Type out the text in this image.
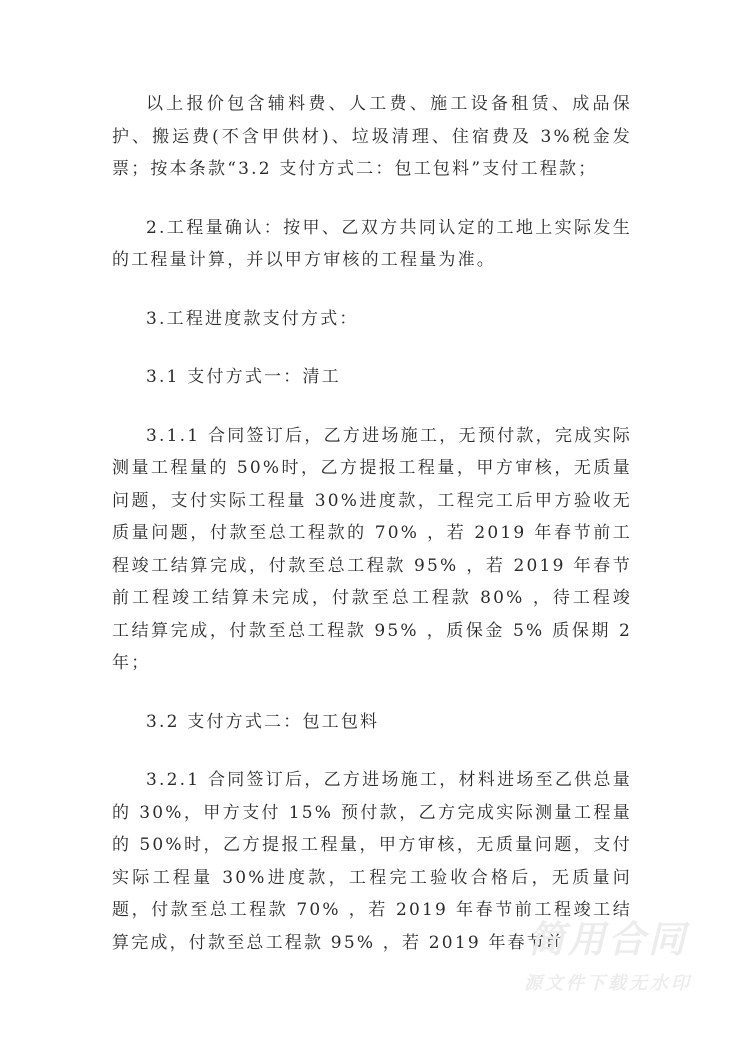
以上报价包含辅料费、人工费、施工设备租赁、成品保护、搬运费(不含甲供材)、垃圾清理、住宿费及 3%税金发票；按本条款“3.2 支付方式二：包工包料”支付工程款；

2.工程量确认：按甲、乙双方共同认定的工地上实际发生的工程量计算，并以甲方审核的工程量为准。

3.工程进度款支付方式：

3.1 支付方式一：清工

3.1.1 合同签订后，乙方进场施工，无预付款，完成实际测量工程量的 50%时，乙方提报工程量，甲方审核，无质量问题，支付实际工程量 30%进度款，工程完工后甲方验收无质量问题，付款至总工程款的 70% ，若 2019 年春节前工程竣工结算完成，付款至总工程款 95% ，若 2019 年春节前工程竣工结算未完成，付款至总工程款 80% ，待工程竣工结算完成，付款至总工程款 95% ，质保金 5% 质保期 2 年；

3.2 支付方式二：包工包料

3.2.1 合同签订后，乙方进场施工，材料进场至乙供总量的 30%，甲方支付 15% 预付款，乙方完成实际测量工程量的 50%时，乙方提报工程量，甲方审核，无质量问题，支付实际工程量 30%进度款，工程完工验收合格后，无质量问题，付款至总工程款 70% ，若 2019 年春节前工程竣工结算完成，付款至总工程款 95% ，若 2019 年春节前

简用合同
源文件下载无水印
